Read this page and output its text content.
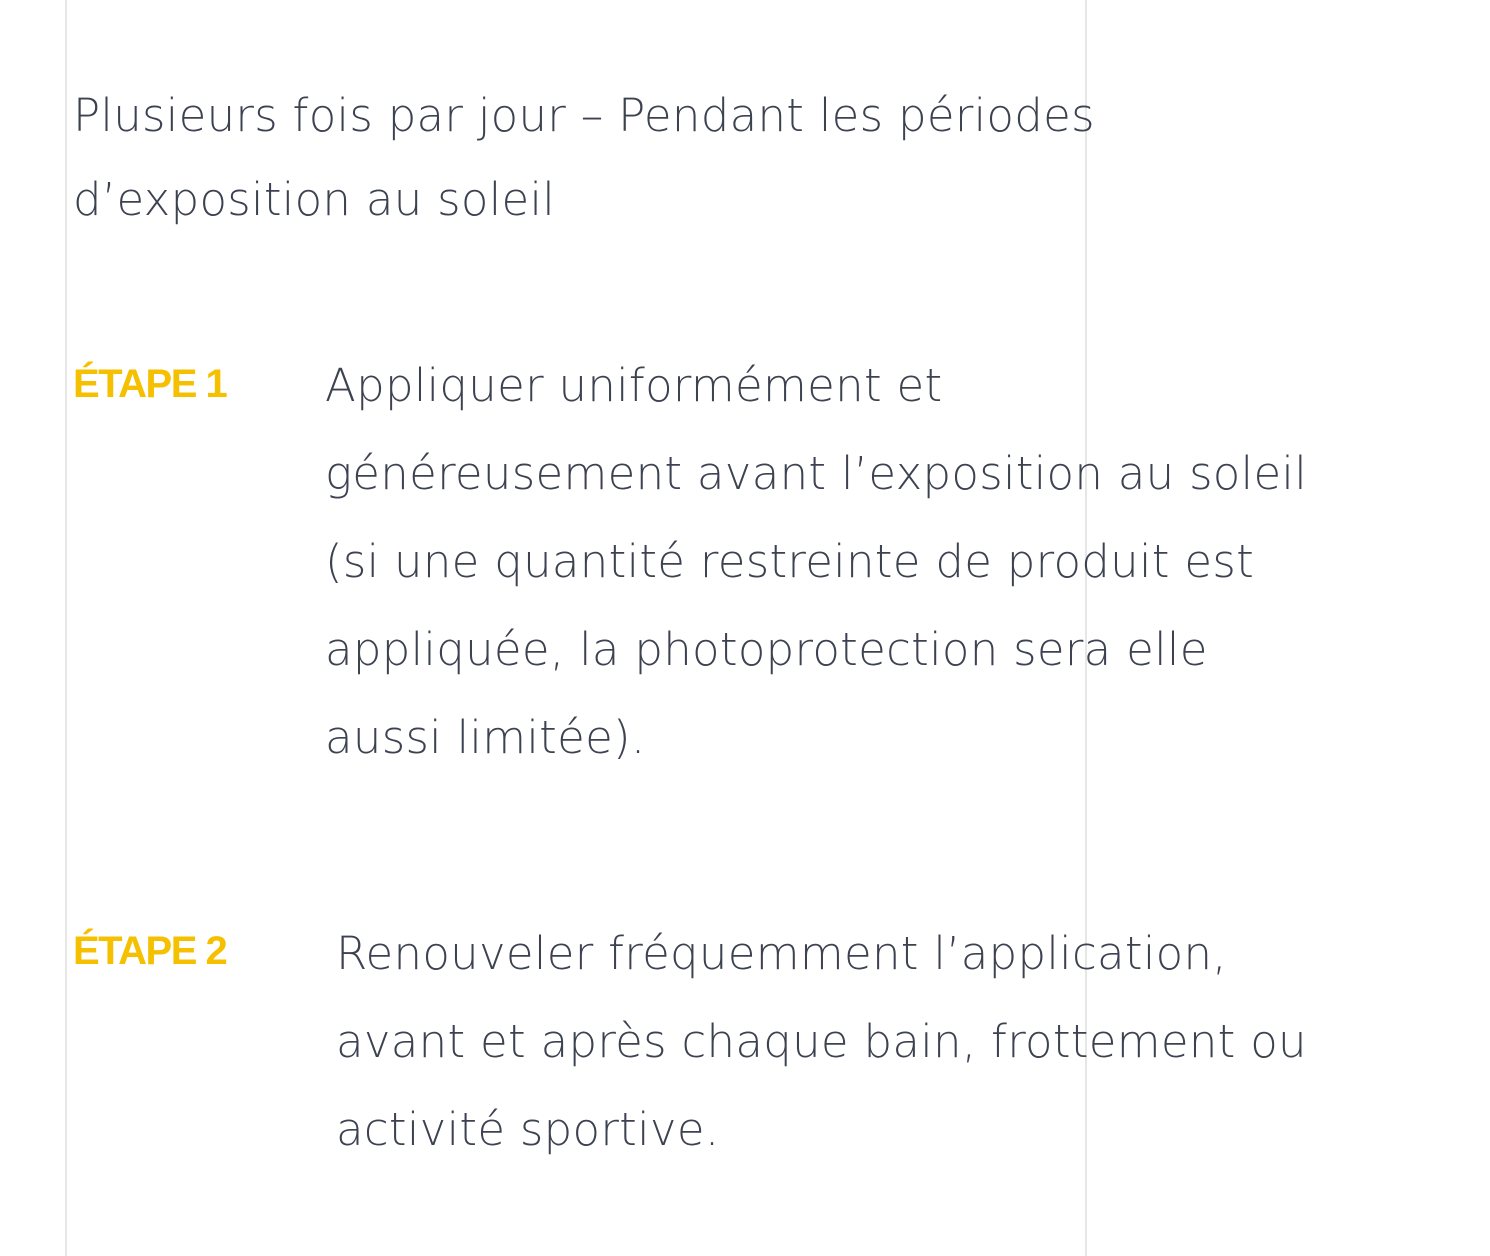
Plusieurs fois par jour – Pendant les périodes
d’exposition au soleil
ÉTAPE 1 Appliquer uniformément et
généreusement avant l’exposition au soleil
(si une quantité restreinte de produit est
appliquée, la photoprotection sera elle
aussi limitée).
ÉTAPE 2 Renouveler fréquemment l’application,
avant et après chaque bain, frottement ou
activité sportive.
